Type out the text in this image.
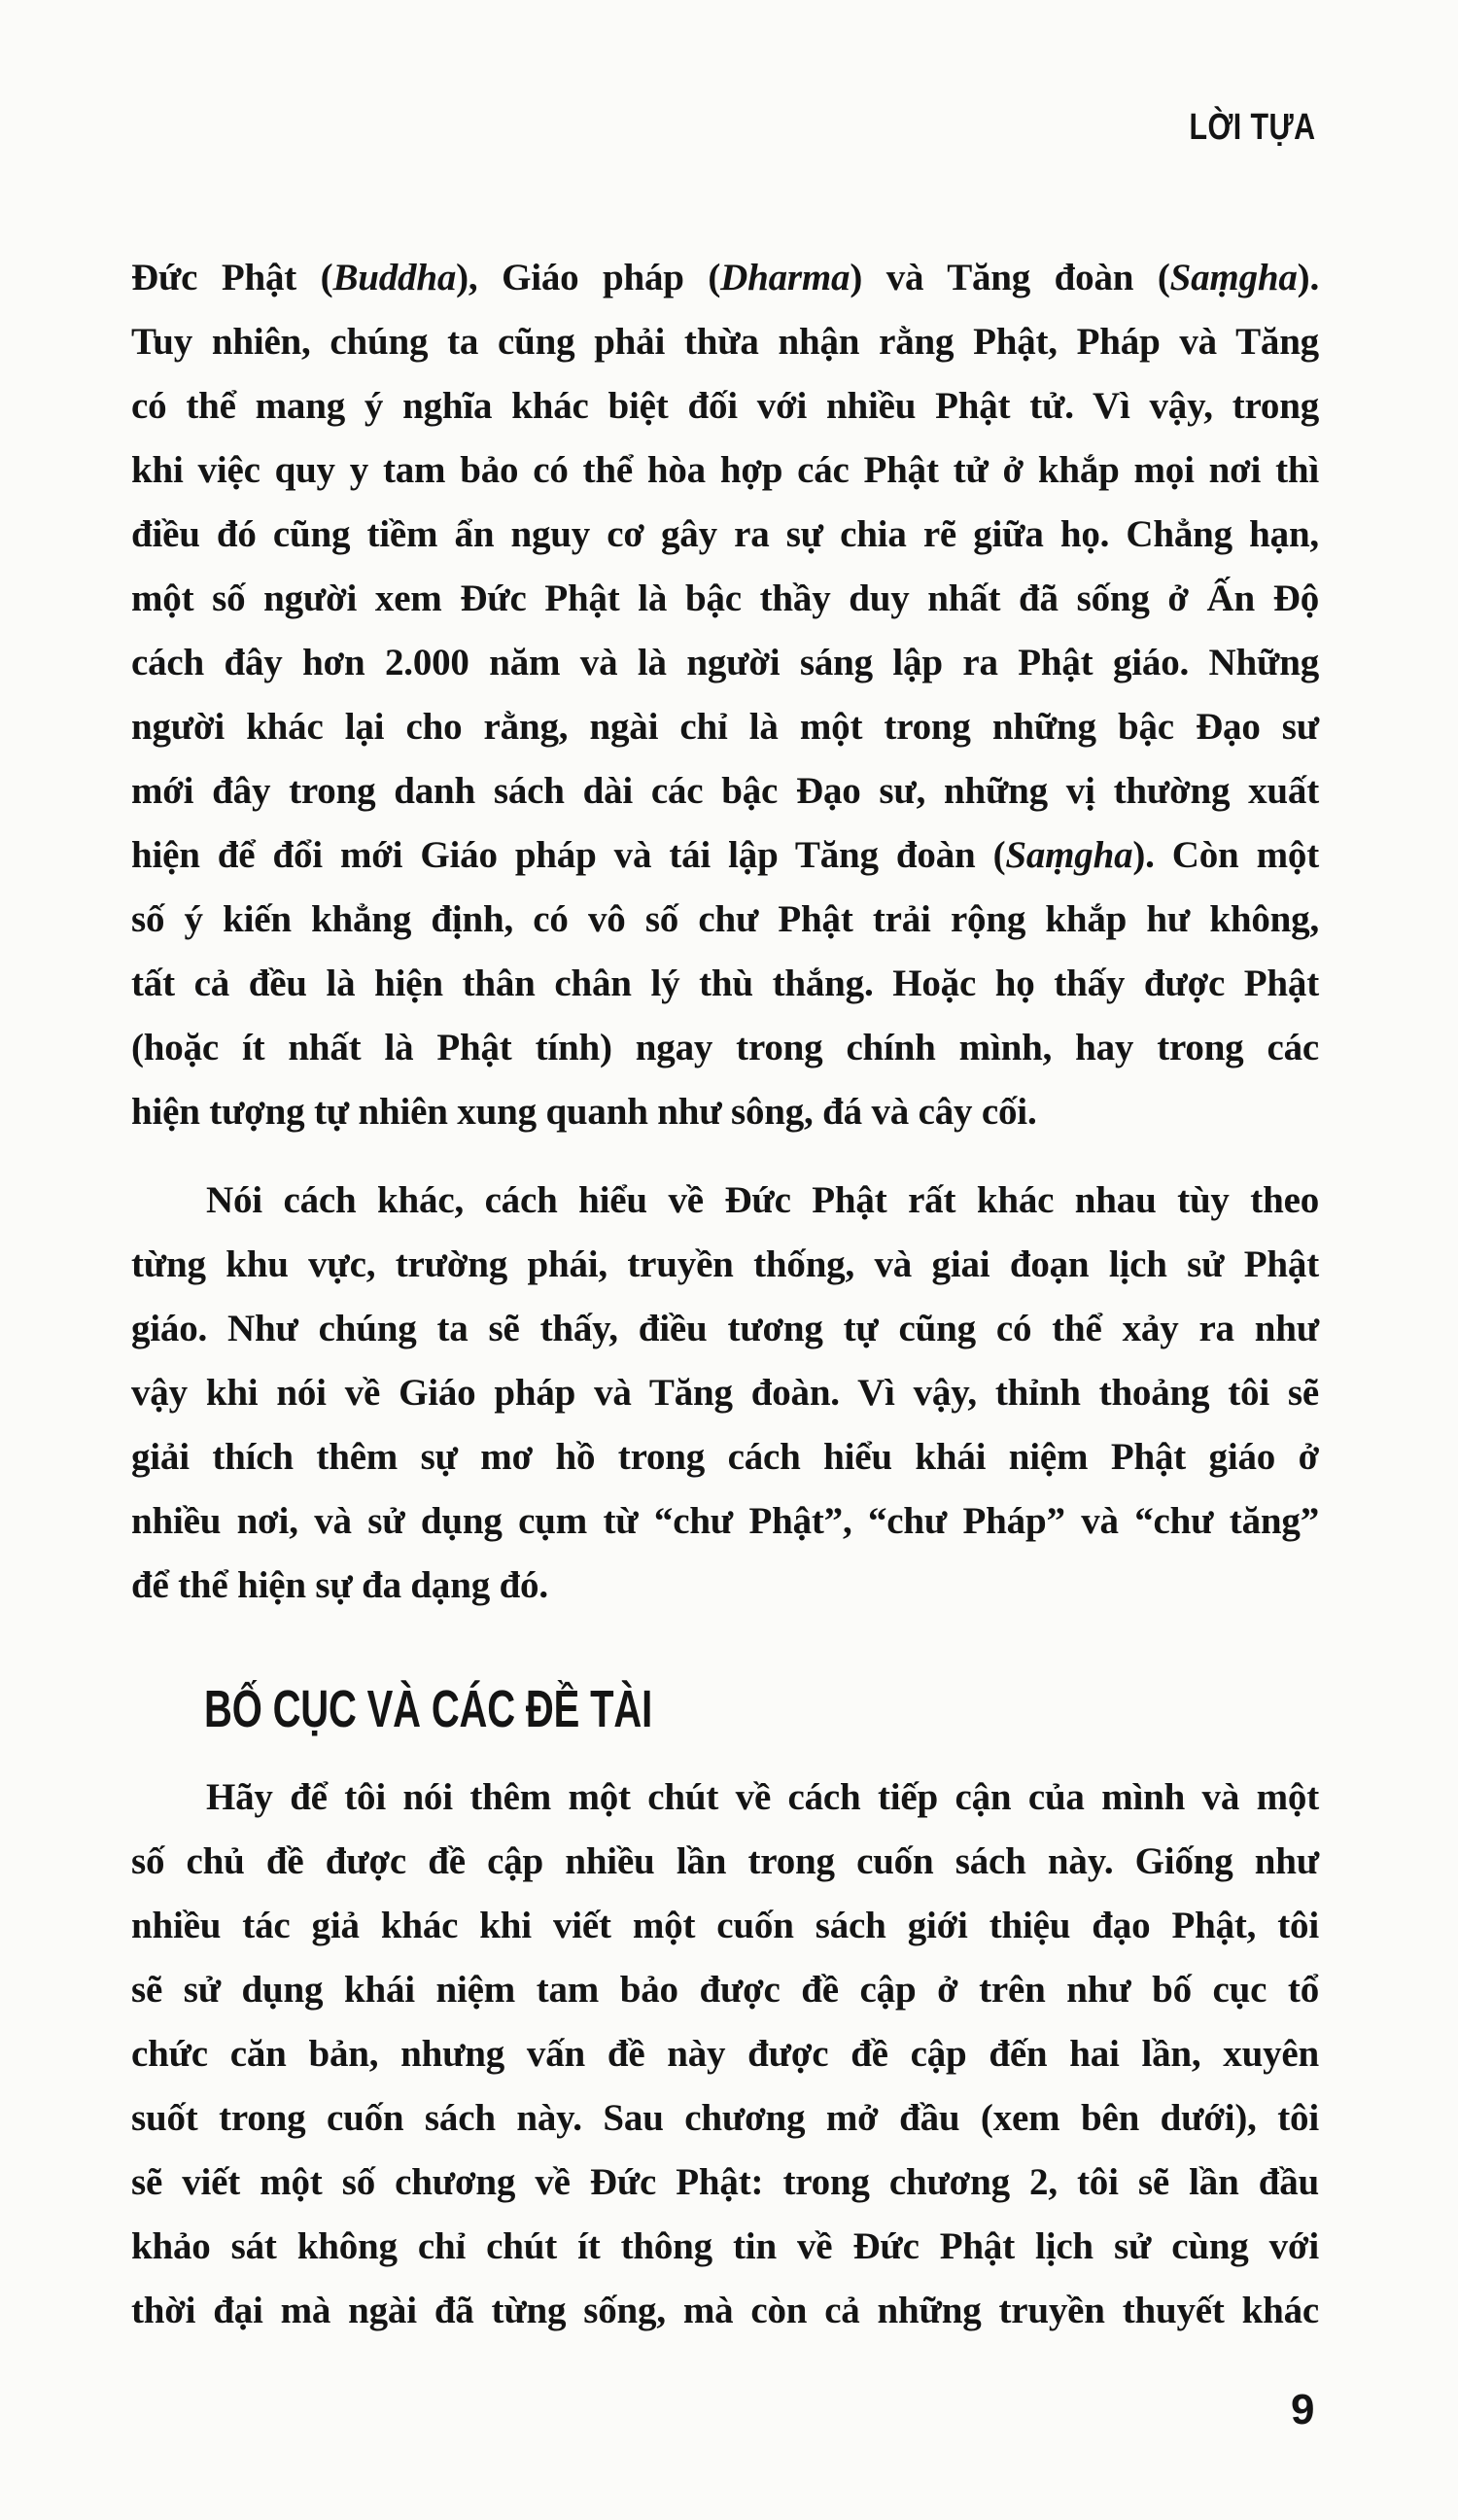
LỜI TỰA
Đức Phật (Buddha), Giáo pháp (Dharma) và Tăng đoàn (Saṃgha).
Tuy nhiên, chúng ta cũng phải thừa nhận rằng Phật, Pháp và Tăng
có thể mang ý nghĩa khác biệt đối với nhiều Phật tử. Vì vậy, trong
khi việc quy y tam bảo có thể hòa hợp các Phật tử ở khắp mọi nơi thì
điều đó cũng tiềm ẩn nguy cơ gây ra sự chia rẽ giữa họ. Chẳng hạn,
một số người xem Đức Phật là bậc thầy duy nhất đã sống ở Ấn Độ
cách đây hơn 2.000 năm và là người sáng lập ra Phật giáo. Những
người khác lại cho rằng, ngài chỉ là một trong những bậc Đạo sư
mới đây trong danh sách dài các bậc Đạo sư, những vị thường xuất
hiện để đổi mới Giáo pháp và tái lập Tăng đoàn (Saṃgha). Còn một
số ý kiến khẳng định, có vô số chư Phật trải rộng khắp hư không,
tất cả đều là hiện thân chân lý thù thắng. Hoặc họ thấy được Phật
(hoặc ít nhất là Phật tính) ngay trong chính mình, hay trong các
hiện tượng tự nhiên xung quanh như sông, đá và cây cối.
Nói cách khác, cách hiểu về Đức Phật rất khác nhau tùy theo
từng khu vực, trường phái, truyền thống, và giai đoạn lịch sử Phật
giáo. Như chúng ta sẽ thấy, điều tương tự cũng có thể xảy ra như
vậy khi nói về Giáo pháp và Tăng đoàn. Vì vậy, thỉnh thoảng tôi sẽ
giải thích thêm sự mơ hồ trong cách hiểu khái niệm Phật giáo ở
nhiều nơi, và sử dụng cụm từ “chư Phật”, “chư Pháp” và “chư tăng”
để thể hiện sự đa dạng đó.
BỐ CỤC VÀ CÁC ĐỀ TÀI
Hãy để tôi nói thêm một chút về cách tiếp cận của mình và một
số chủ đề được đề cập nhiều lần trong cuốn sách này. Giống như
nhiều tác giả khác khi viết một cuốn sách giới thiệu đạo Phật, tôi
sẽ sử dụng khái niệm tam bảo được đề cập ở trên như bố cục tổ
chức căn bản, nhưng vấn đề này được đề cập đến hai lần, xuyên
suốt trong cuốn sách này. Sau chương mở đầu (xem bên dưới), tôi
sẽ viết một số chương về Đức Phật: trong chương 2, tôi sẽ lần đầu
khảo sát không chỉ chút ít thông tin về Đức Phật lịch sử cùng với
thời đại mà ngài đã từng sống, mà còn cả những truyền thuyết khác
9
